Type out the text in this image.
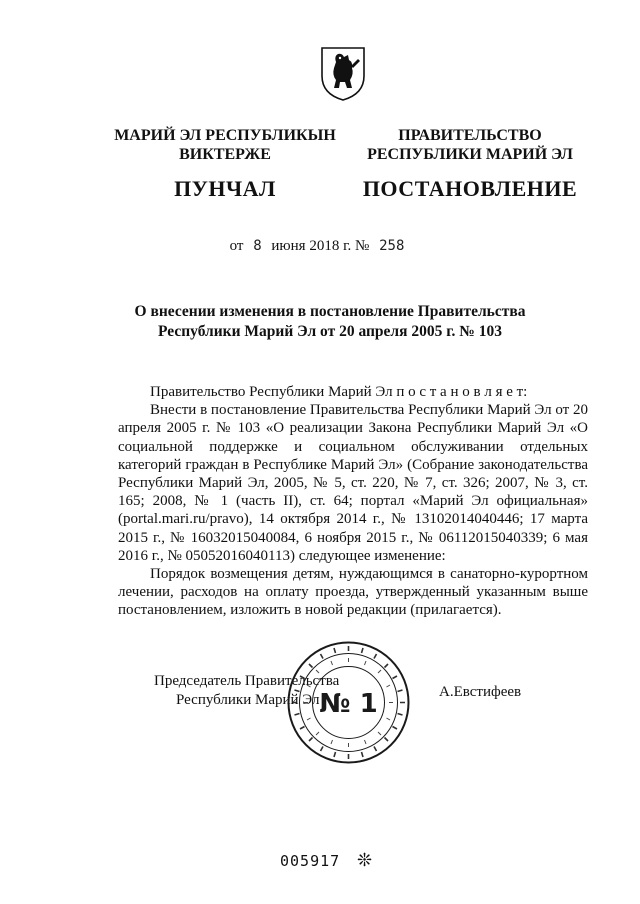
МАРИЙ ЭЛ РЕСПУБЛИКЫН
ВИКТЕРЖЕ
ПУНЧАЛ
ПРАВИТЕЛЬСТВО
РЕСПУБЛИКИ МАРИЙ ЭЛ
ПОСТАНОВЛЕНИЕ
от 8 июня 2018 г. № 258
О внесении изменения в постановление Правительства
Республики Марий Эл от 20 апреля 2005 г. № 103

Правительство Республики Марий Эл п о с т а н о в л я е т:

Внести в постановление Правительства Республики Марий Эл от 20 апреля 2005 г. № 103 «О реализации Закона Республики Марий Эл «О социальной поддержке и социальном обслуживании отдельных категорий граждан в Республике Марий Эл» (Собрание законодательства Республики Марий Эл, 2005, № 5, ст. 220, № 7, ст. 326; 2007, № 3, ст. 165; 2008, № 1 (часть II), ст. 64; портал «Марий Эл официальная» (portal.mari.ru/pravo), 14 октября 2014 г., № 13102014040446; 17 марта 2015 г., № 16032015040084, 6 ноября 2015 г., № 06112015040339; 6 мая 2016 г., № 05052016040113) следующее изменение:

Порядок возмещения детям, нуждающимся в санаторно-курортном лечении, расходов на оплату проезда, утвержденный указанным выше постановлением, изложить в новой редакции (прилагается).

Председатель Правительства
Республики Марий Эл	А.Евстифеев
№ 1
005917 ❊
